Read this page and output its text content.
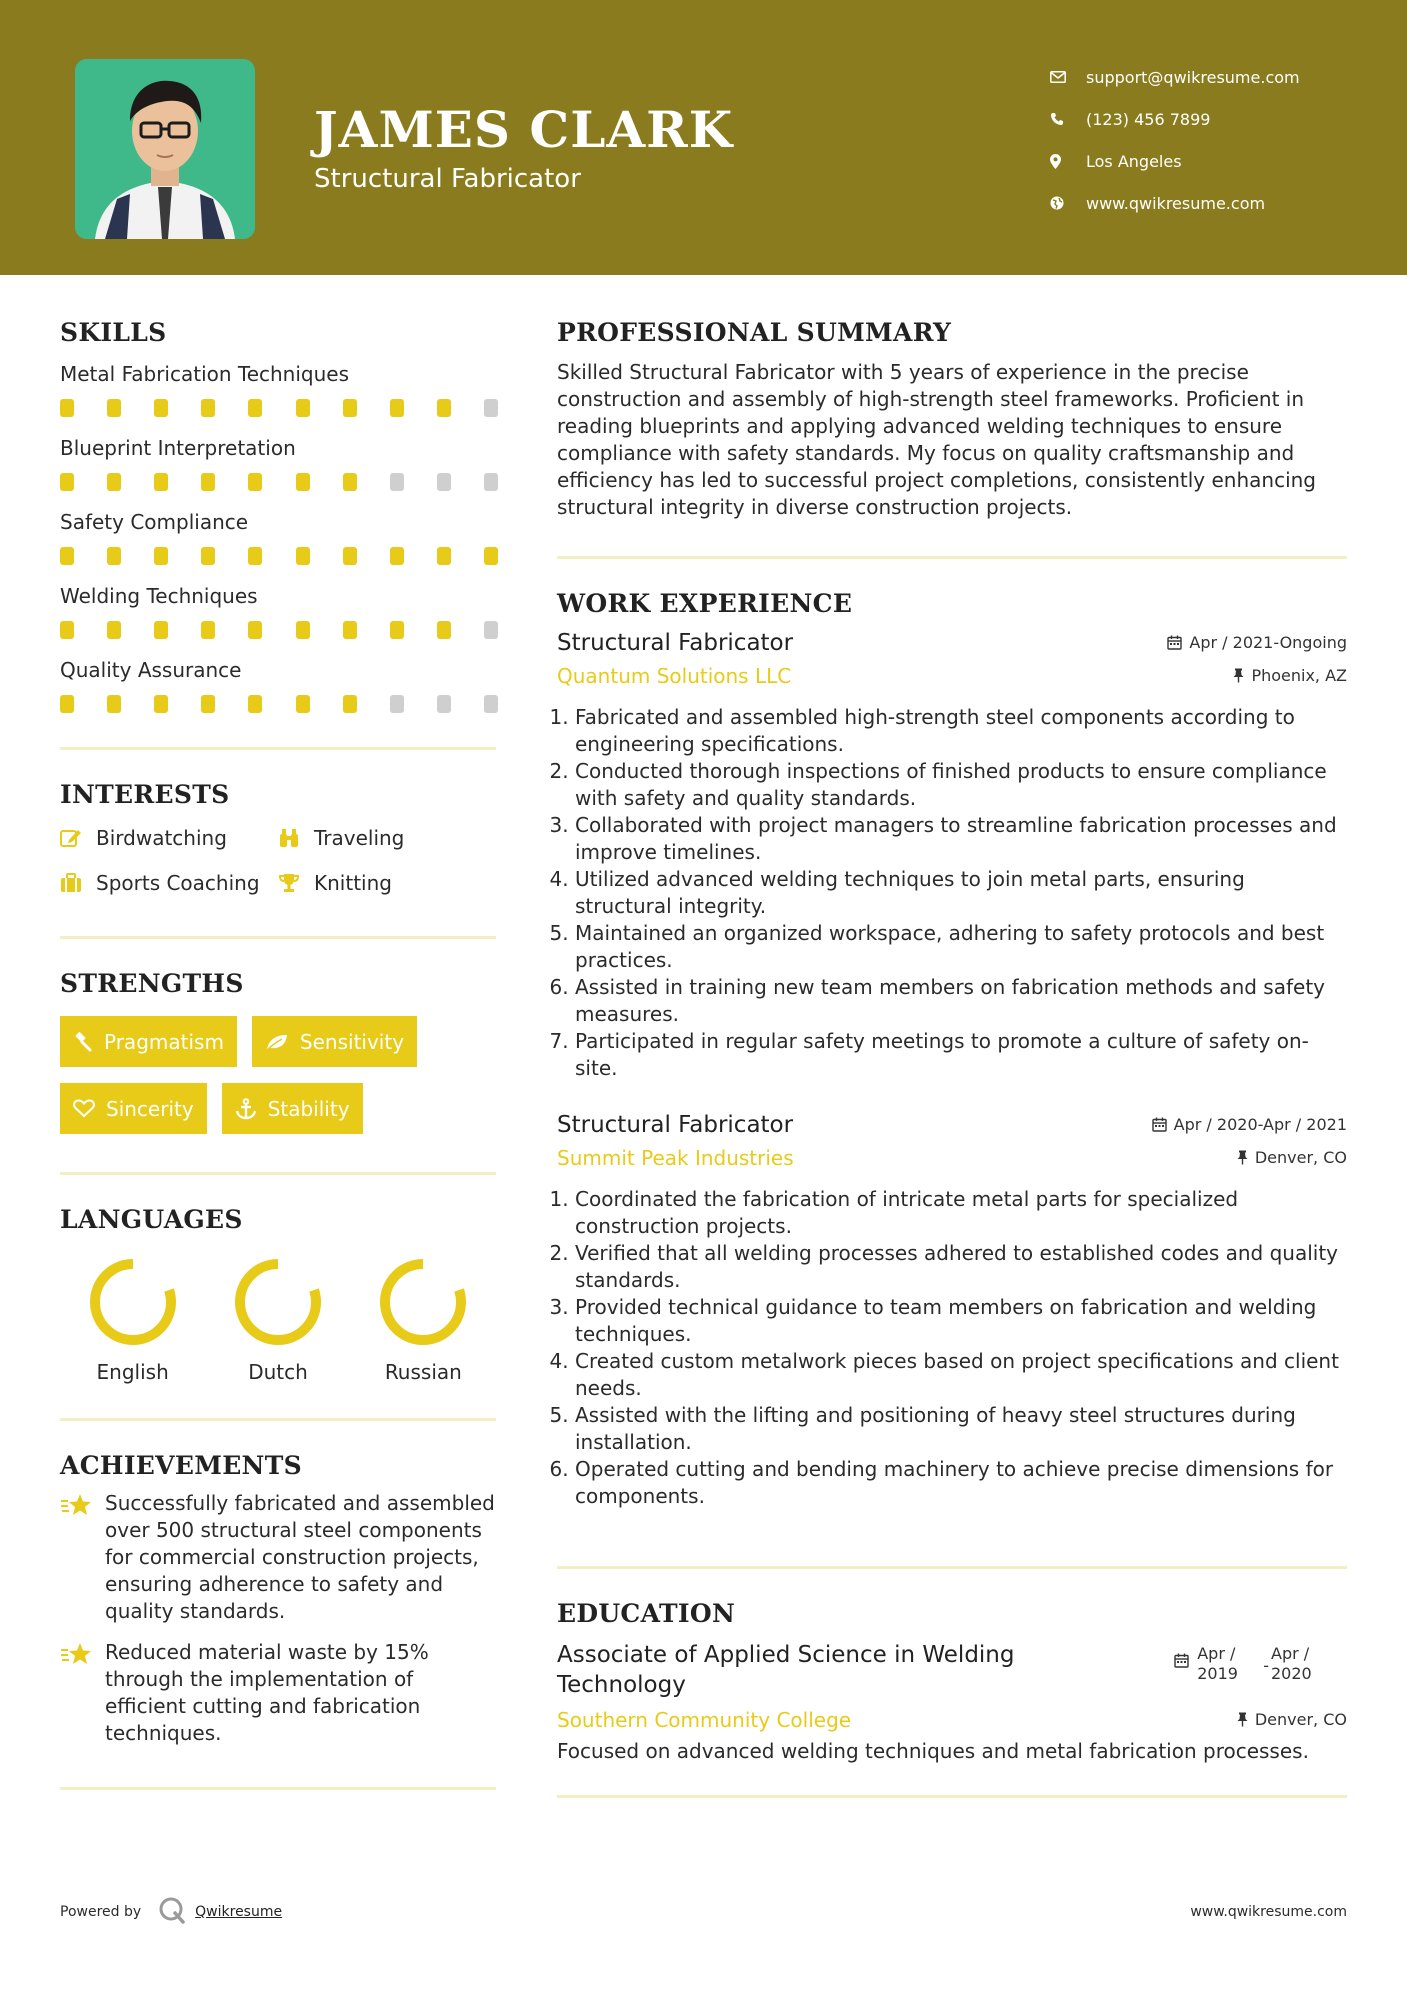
JAMES CLARK
Structural Fabricator
support@qwikresume.com
(123) 456 7899
Los Angeles
www.qwikresume.com
SKILLS
Metal Fabrication Techniques
Blueprint Interpretation
Safety Compliance
Welding Techniques
Quality Assurance
INTERESTS
Birdwatching	Traveling
Sports Coaching	Knitting
STRENGTHS
Pragmatism	Sensitivity
Sincerity	Stability
LANGUAGES
English	Dutch	Russian
ACHIEVEMENTS
Successfully fabricated and assembled over 500 structural steel components for commercial construction projects, ensuring adherence to safety and quality standards.
Reduced material waste by 15% through the implementation of efficient cutting and fabrication techniques.
PROFESSIONAL SUMMARY
Skilled Structural Fabricator with 5 years of experience in the precise construction and assembly of high-strength steel frameworks. Proficient in reading blueprints and applying advanced welding techniques to ensure compliance with safety standards. My focus on quality craftsmanship and efficiency has led to successful project completions, consistently enhancing structural integrity in diverse construction projects.
WORK EXPERIENCE
Structural Fabricator	Apr / 2021-Ongoing
Quantum Solutions LLC	Phoenix, AZ
1. Fabricated and assembled high-strength steel components according to engineering specifications.
2. Conducted thorough inspections of finished products to ensure compliance with safety and quality standards.
3. Collaborated with project managers to streamline fabrication processes and improve timelines.
4. Utilized advanced welding techniques to join metal parts, ensuring structural integrity.
5. Maintained an organized workspace, adhering to safety protocols and best practices.
6. Assisted in training new team members on fabrication methods and safety measures.
7. Participated in regular safety meetings to promote a culture of safety on-site.
Structural Fabricator	Apr / 2020-Apr / 2021
Summit Peak Industries	Denver, CO
1. Coordinated the fabrication of intricate metal parts for specialized construction projects.
2. Verified that all welding processes adhered to established codes and quality standards.
3. Provided technical guidance to team members on fabrication and welding techniques.
4. Created custom metalwork pieces based on project specifications and client needs.
5. Assisted with the lifting and positioning of heavy steel structures during installation.
6. Operated cutting and bending machinery to achieve precise dimensions for components.
EDUCATION
Associate of Applied Science in Welding Technology
Apr / 2019	-
Apr / 2020
Southern Community College	Denver, CO
Focused on advanced welding techniques and metal fabrication processes.
Powered by	Qwikresume	www.qwikresume.com
